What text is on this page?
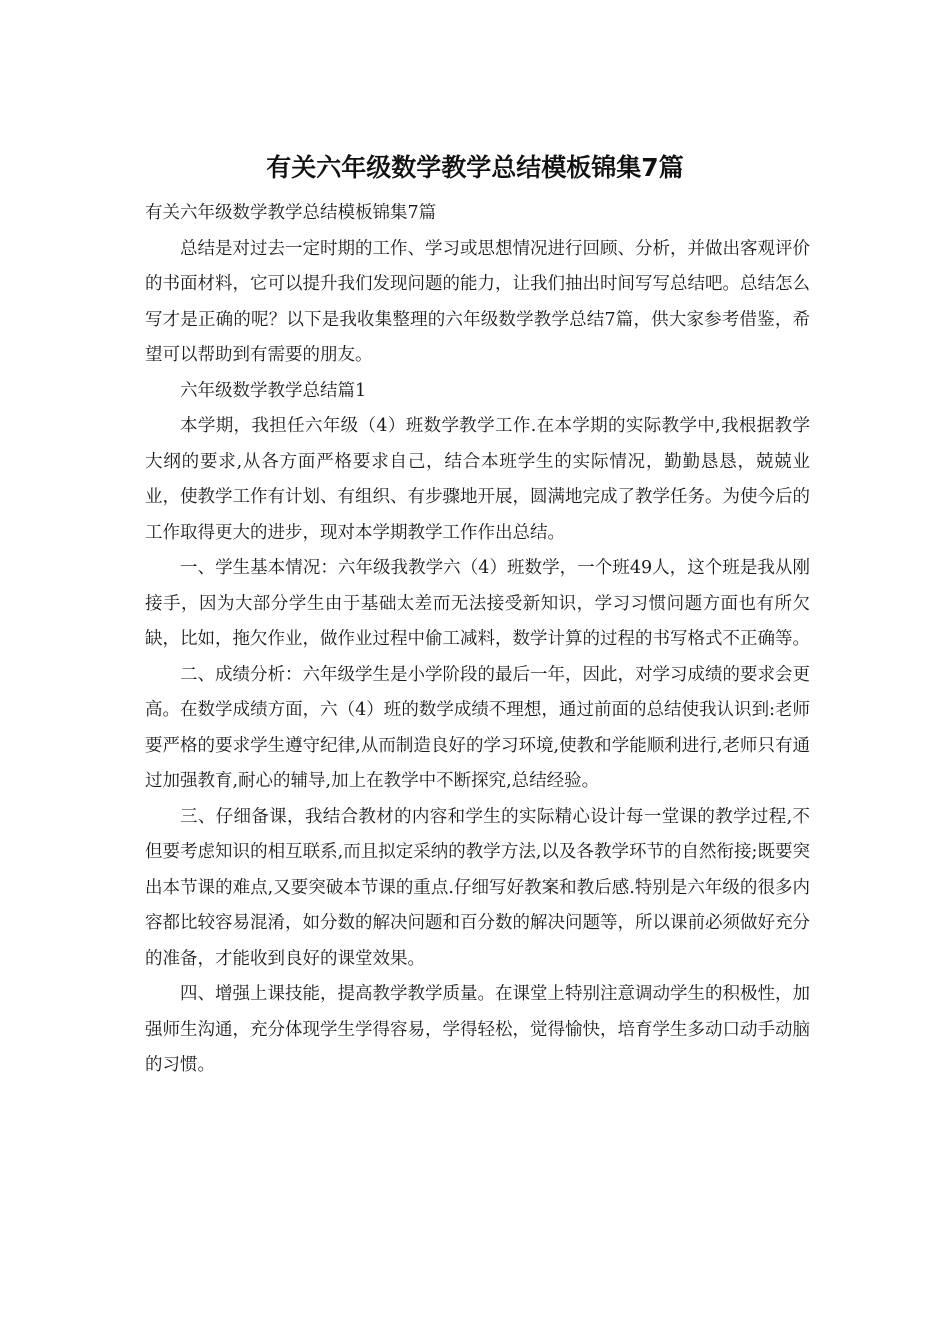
有关六年级数学教学总结模板锦集7篇

有关六年级数学教学总结模板锦集7篇

总结是对过去一定时期的工作、学习或思想情况进行回顾、分析，并做出客观评价的书面材料，它可以提升我们发现问题的能力，让我们抽出时间写写总结吧。总结怎么写才是正确的呢？以下是我收集整理的六年级数学教学总结7篇，供大家参考借鉴，希望可以帮助到有需要的朋友。

六年级数学教学总结篇1

本学期，我担任六年级（4）班数学教学工作.在本学期的实际教学中,我根据教学大纲的要求,从各方面严格要求自己，结合本班学生的实际情况，勤勤恳恳，兢兢业业，使教学工作有计划、有组织、有步骤地开展，圆满地完成了教学任务。为使今后的工作取得更大的进步，现对本学期教学工作作出总结。

一、学生基本情况：六年级我教学六（4）班数学，一个班49人，这个班是我从刚接手，因为大部分学生由于基础太差而无法接受新知识，学习习惯问题方面也有所欠缺，比如，拖欠作业，做作业过程中偷工减料，数学计算的过程的书写格式不正确等。

二、成绩分析：六年级学生是小学阶段的最后一年，因此，对学习成绩的要求会更高。在数学成绩方面，六（4）班的数学成绩不理想，通过前面的总结使我认识到:老师要严格的要求学生遵守纪律,从而制造良好的学习环境,使教和学能顺利进行,老师只有通过加强教育,耐心的辅导,加上在教学中不断探究,总结经验。

三、仔细备课，我结合教材的内容和学生的实际精心设计每一堂课的教学过程,不但要考虑知识的相互联系,而且拟定采纳的教学方法,以及各教学环节的自然衔接;既要突出本节课的难点,又要突破本节课的重点.仔细写好教案和教后感.特别是六年级的很多内容都比较容易混淆，如分数的解决问题和百分数的解决问题等，所以课前必须做好充分的准备，才能收到良好的课堂效果。

四、增强上课技能，提高教学教学质量。在课堂上特别注意调动学生的积极性，加强师生沟通，充分体现学生学得容易，学得轻松，觉得愉快，培育学生多动口动手动脑的习惯。
